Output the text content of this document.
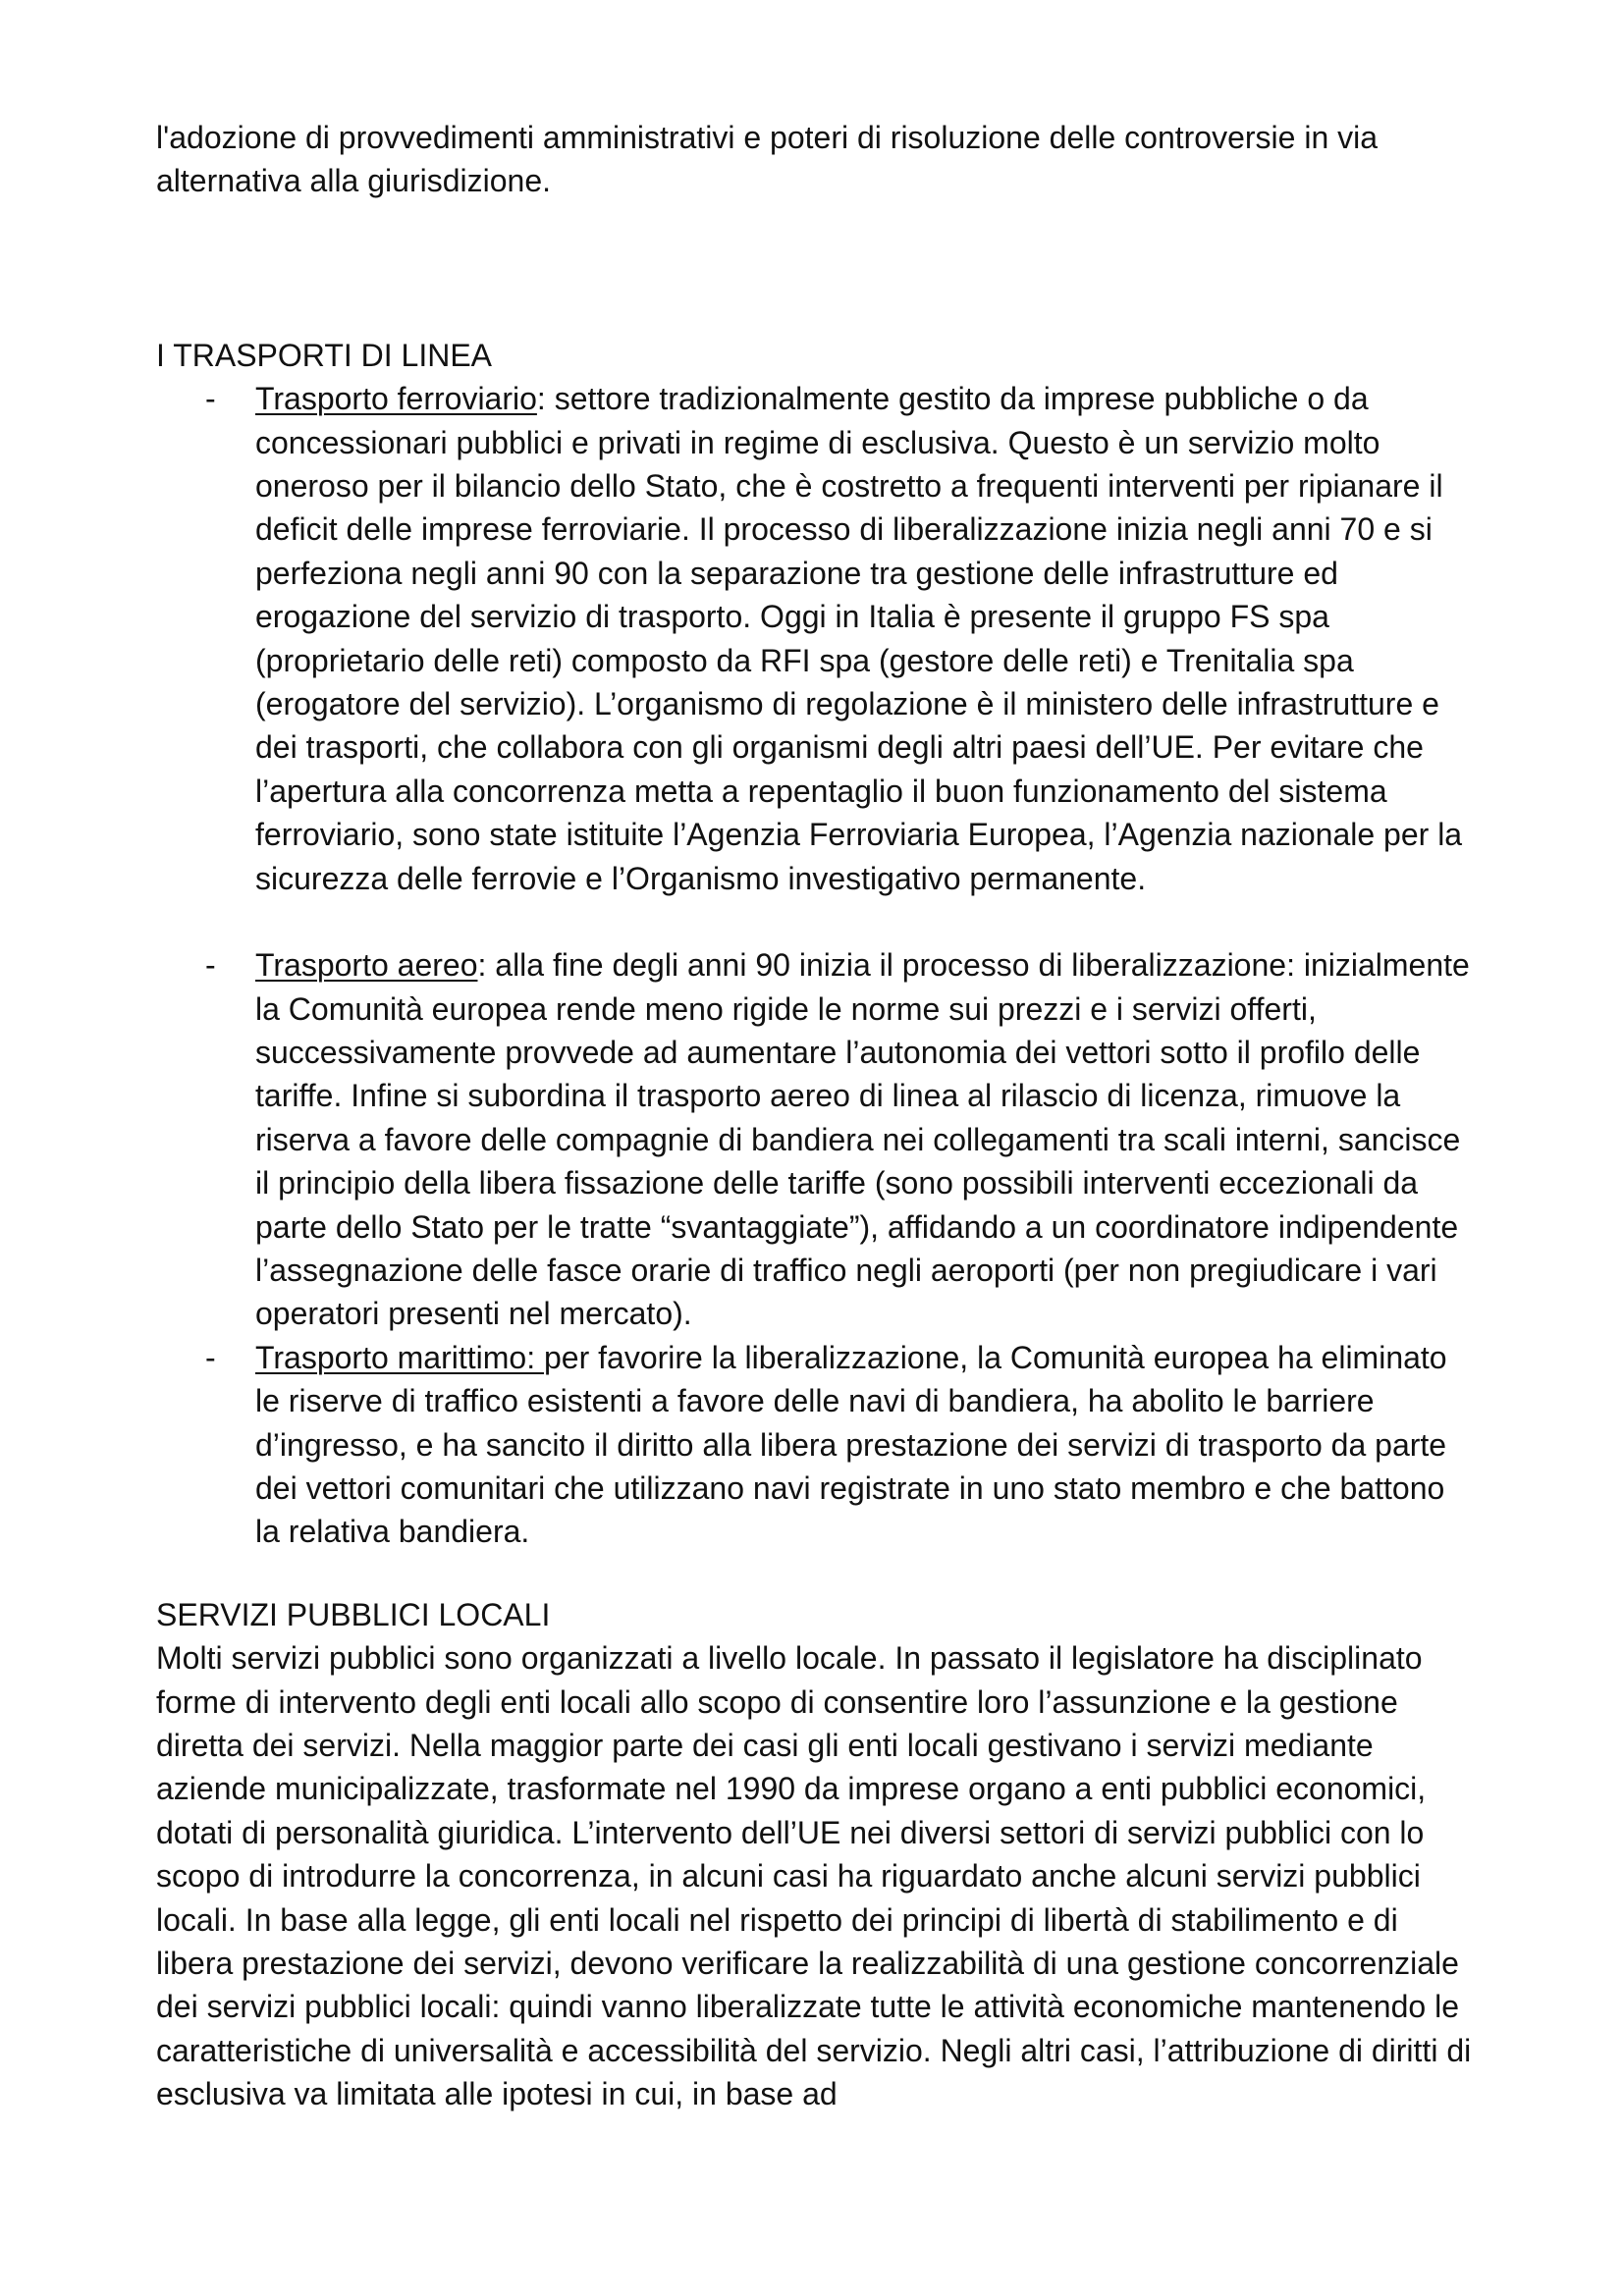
l'adozione di provvedimenti amministrativi e poteri di risoluzione delle controversie in via alternativa alla giurisdizione.

I TRASPORTI DI LINEA

- Trasporto ferroviario: settore tradizionalmente gestito da imprese pubbliche o da concessionari pubblici e privati in regime di esclusiva. Questo è un servizio molto oneroso per il bilancio dello Stato, che è costretto a frequenti interventi per ripianare il deficit delle imprese ferroviarie. Il processo di liberalizzazione inizia negli anni 70 e si perfeziona negli anni 90 con la separazione tra gestione delle infrastrutture ed erogazione del servizio di trasporto. Oggi in Italia è presente il gruppo FS spa (proprietario delle reti) composto da RFI spa (gestore delle reti) e Trenitalia spa (erogatore del servizio). L’organismo di regolazione è il ministero delle infrastrutture e dei trasporti, che collabora con gli organismi degli altri paesi dell’UE. Per evitare che l’apertura alla concorrenza metta a repentaglio il buon funzionamento del sistema ferroviario, sono state istituite l’Agenzia Ferroviaria Europea, l’Agenzia nazionale per la sicurezza delle ferrovie e l’Organismo investigativo permanente.
- Trasporto aereo: alla fine degli anni 90 inizia il processo di liberalizzazione: inizialmente la Comunità europea rende meno rigide le norme sui prezzi e i servizi offerti, successivamente provvede ad aumentare l’autonomia dei vettori sotto il profilo delle tariffe. Infine si subordina il trasporto aereo di linea al rilascio di licenza, rimuove la riserva a favore delle compagnie di bandiera nei collegamenti tra scali interni, sancisce il principio della libera fissazione delle tariffe (sono possibili interventi eccezionali da parte dello Stato per le tratte “svantaggiate”), affidando a un coordinatore indipendente l’assegnazione delle fasce orarie di traffico negli aeroporti (per non pregiudicare i vari operatori presenti nel mercato).
- Trasporto marittimo: per favorire la liberalizzazione, la Comunità europea ha eliminato le riserve di traffico esistenti a favore delle navi di bandiera, ha abolito le barriere d’ingresso, e ha sancito il diritto alla libera prestazione dei servizi di trasporto da parte dei vettori comunitari che utilizzano navi registrate in uno stato membro e che battono la relativa bandiera.

SERVIZI PUBBLICI LOCALI

Molti servizi pubblici sono organizzati a livello locale. In passato il legislatore ha disciplinato forme di intervento degli enti locali allo scopo di consentire loro l’assunzione e la gestione diretta dei servizi. Nella maggior parte dei casi gli enti locali gestivano i servizi mediante aziende municipalizzate, trasformate nel 1990 da imprese organo a enti pubblici economici, dotati di personalità giuridica. L’intervento dell’UE nei diversi settori di servizi pubblici con lo scopo di introdurre la concorrenza, in alcuni casi ha riguardato anche alcuni servizi pubblici locali. In base alla legge, gli enti locali nel rispetto dei principi di libertà di stabilimento e di libera prestazione dei servizi, devono verificare la realizzabilità di una gestione concorrenziale dei servizi pubblici locali: quindi vanno liberalizzate tutte le attività economiche mantenendo le caratteristiche di universalità e accessibilità del servizio. Negli altri casi, l’attribuzione di diritti di esclusiva va limitata alle ipotesi in cui, in base ad
